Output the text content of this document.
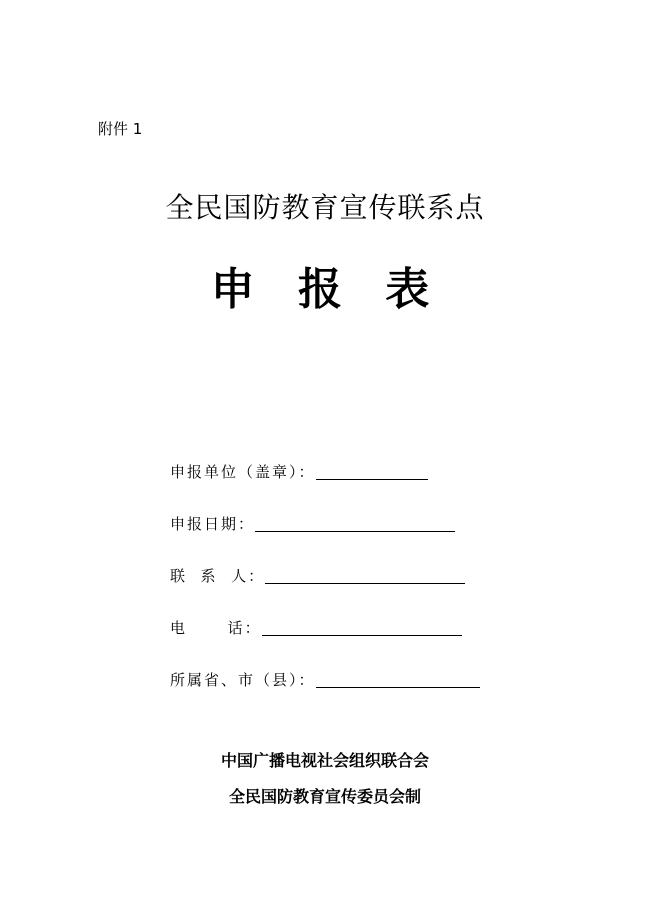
附件 1
全民国防教育宣传联系点
申 报 表
申报单位（盖章）：
申报日期：
联  系  人：
电      话：
所属省、市（县）：
中国广播电视社会组织联合会
全民国防教育宣传委员会制
